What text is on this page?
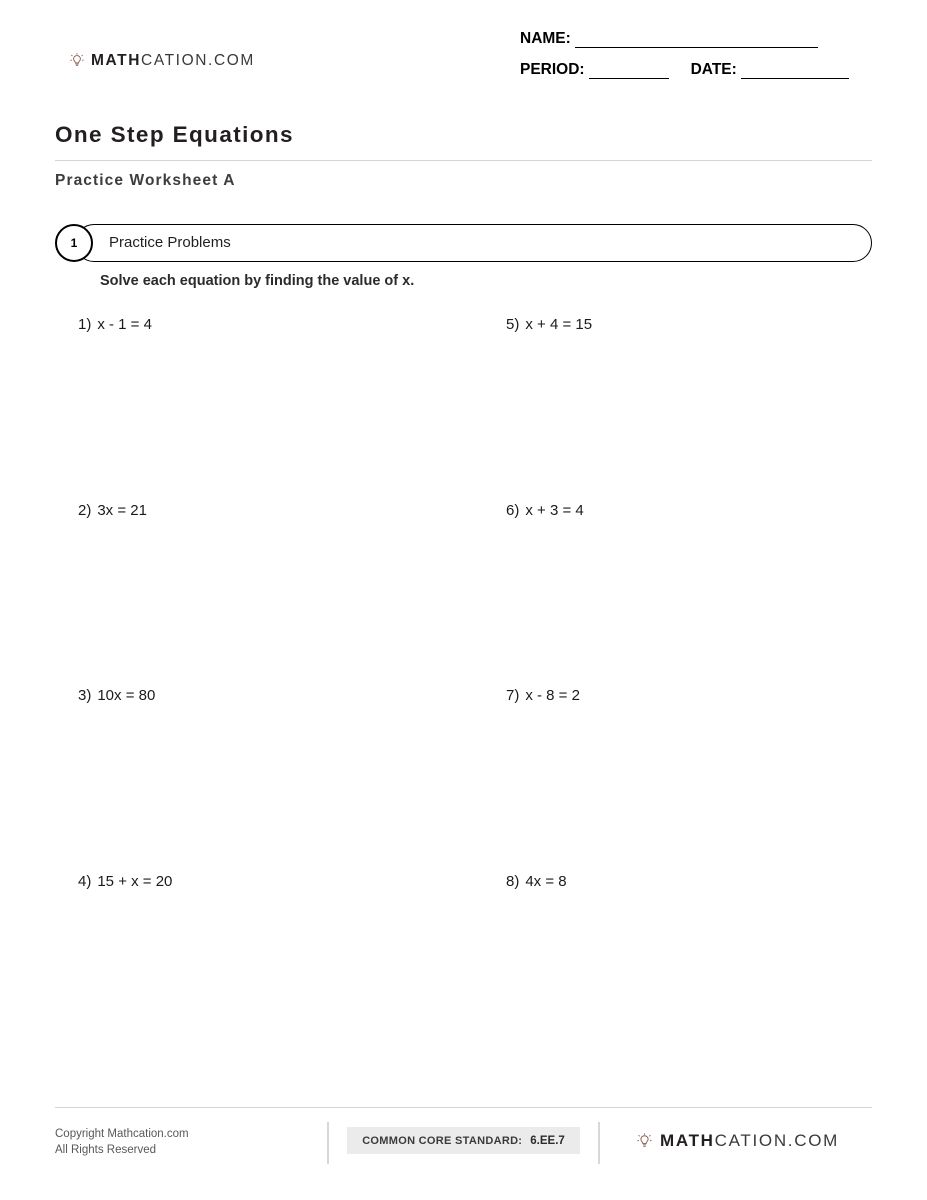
MATHCATION.COM
NAME:
PERIOD:	DATE:
One Step Equations
Practice Worksheet A
Practice Problems
1
Solve each equation by finding the value of x.
1) x - 1 = 4
2) 3x = 21
3) 10x = 80
4) 15 + x = 20
5) x + 4 = 15
6) x + 3 = 4
7) x - 8 = 2
8) 4x = 8
Copyright Mathcation.com
All Rights Reserved
COMMON CORE STANDARD: 6.EE.7	MATHCATION.COM
